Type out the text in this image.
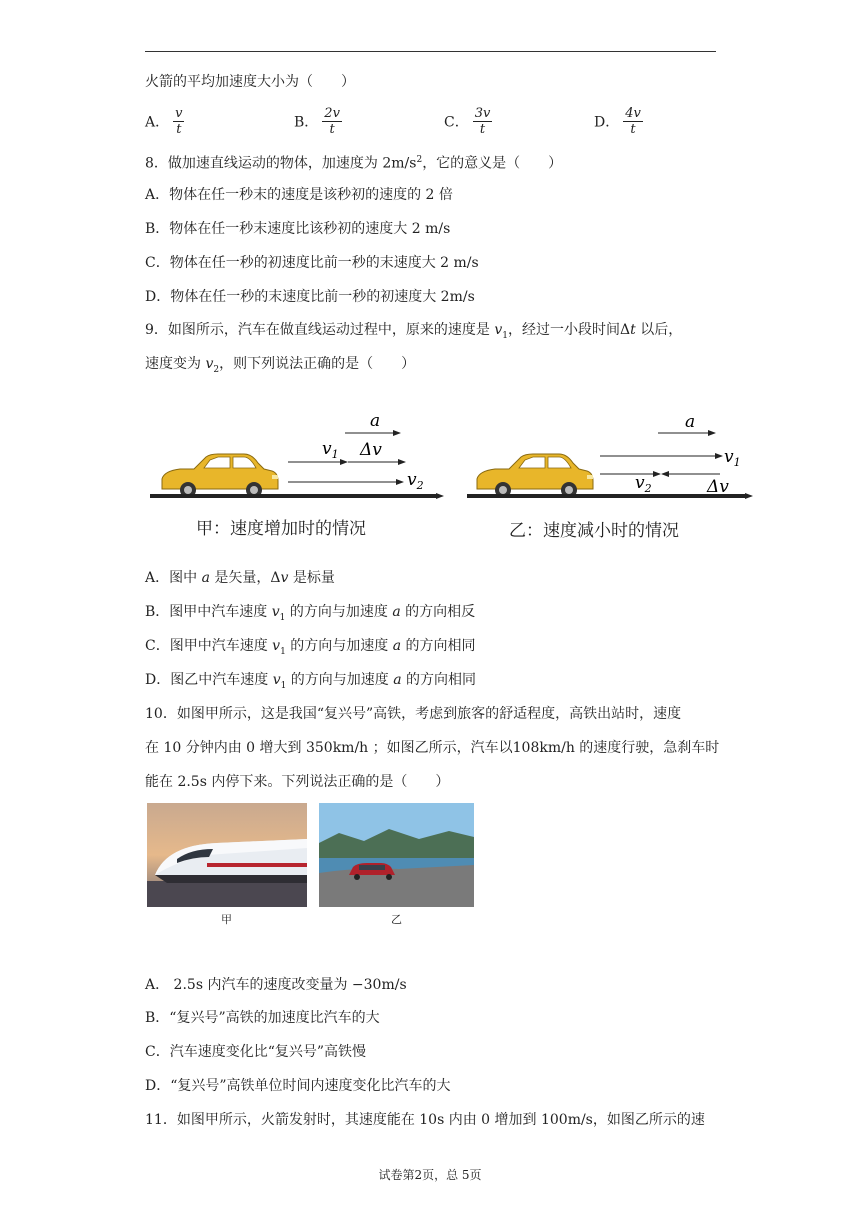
火箭的平均加速度大小为（　　）
A． $\frac{v}{t}$	B． $\frac{2v}{t}$	C． $\frac{3v}{t}$	D． $\frac{4v}{t}$
8．做加速直线运动的物体，加速度为 $2m/s^2$，它的意义是（　　）
A．物体在任一秒末的速度是该秒初的速度的 2 倍
B．物体在任一秒末速度比该秒初的速度大 2 m/s
C．物体在任一秒的初速度比前一秒的末速度大 2 m/s
D．物体在任一秒的末速度比前一秒的初速度大 2m/s
9．如图所示，汽车在做直线运动过程中，原来的速度是 $v_1$，经过一小段时间Δt 以后，
速度变为 $v_2$，则下列说法正确的是（　　）
a
$v_1$ Δv
$v_2$
a
$v_1$
$v_2$	Δv
甲：速度增加时的情况	乙：速度减小时的情况
A．图中 a 是矢量，Δv 是标量
B．图甲中汽车速度 $v_1$ 的方向与加速度 a 的方向相反
C．图甲中汽车速度 $v_1$ 的方向与加速度 a 的方向相同
D．图乙中汽车速度 $v_1$ 的方向与加速度 a 的方向相同
10．如图甲所示，这是我国“复兴号”高铁，考虑到旅客的舒适程度，高铁出站时，速度
在 10 分钟内由 0 增大到 350km/h ；如图乙所示，汽车以108km/h 的速度行驶，急刹车时
能在 2.5s 内停下来。下列说法正确的是（　　）
甲	乙
A． 2.5s 内汽车的速度改变量为 −30m/s
B．“复兴号”高铁的加速度比汽车的大
C．汽车速度变化比“复兴号”高铁慢
D．“复兴号”高铁单位时间内速度变化比汽车的大
11．如图甲所示，火箭发射时，其速度能在 10s 内由 0 增加到 100m/s，如图乙所示的速
试卷第2页，总 5页
